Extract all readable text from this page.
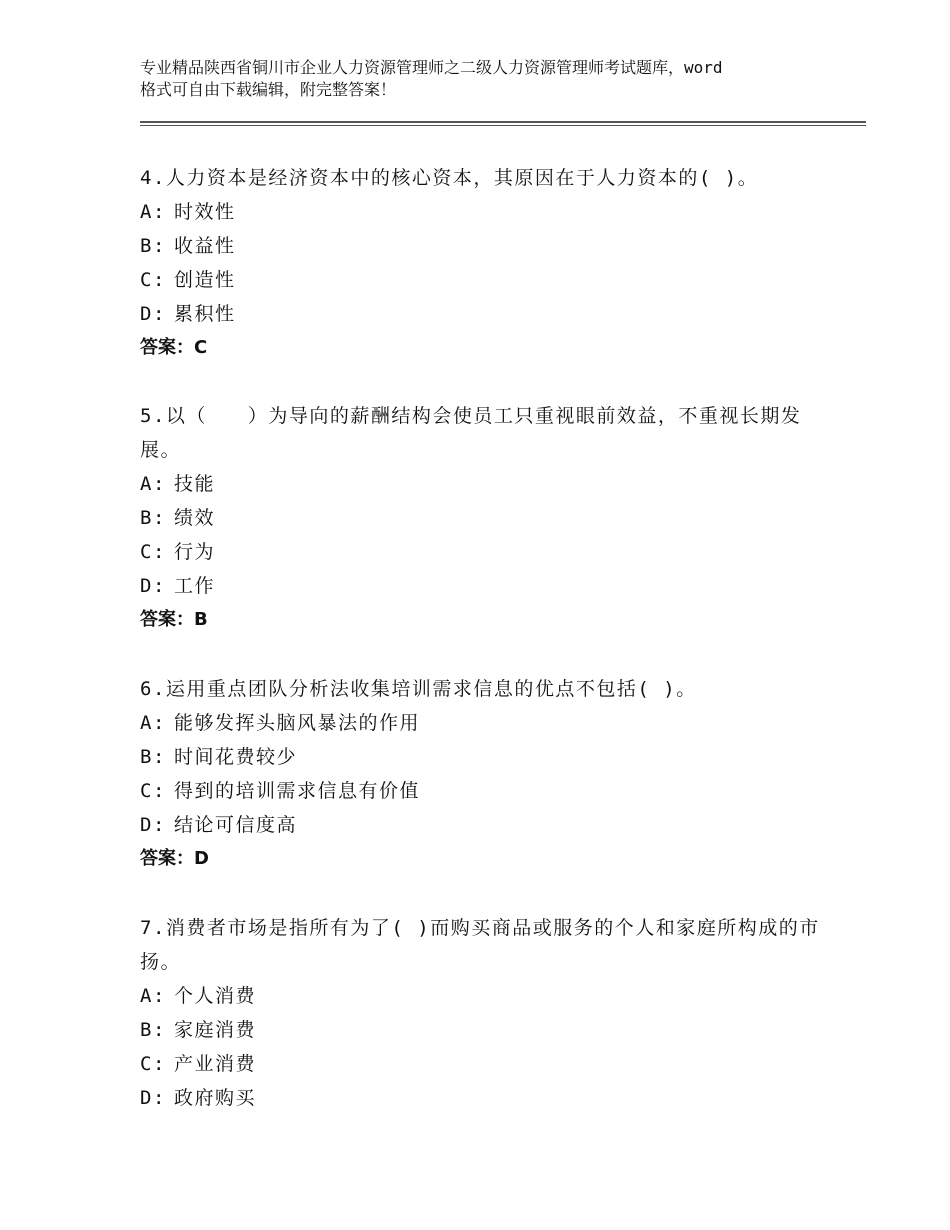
专业精品陕西省铜川市企业人力资源管理师之二级人力资源管理师考试题库，word
格式可自由下载编辑，附完整答案！
4.人力资本是经济资本中的核心资本，其原因在于人力资本的( )。
A: 时效性
B: 收益性
C: 创造性
D: 累积性
答案：C
5.以（　　）为导向的薪酬结构会使员工只重视眼前效益，不重视长期发展。
A: 技能
B: 绩效
C: 行为
D: 工作
答案：B
6.运用重点团队分析法收集培训需求信息的优点不包括( )。
A: 能够发挥头脑风暴法的作用
B: 时间花费较少
C: 得到的培训需求信息有价值
D: 结论可信度高
答案：D
7.消费者市场是指所有为了( )而购买商品或服务的个人和家庭所构成的市扬。
A: 个人消费
B: 家庭消费
C: 产业消费
D: 政府购买
